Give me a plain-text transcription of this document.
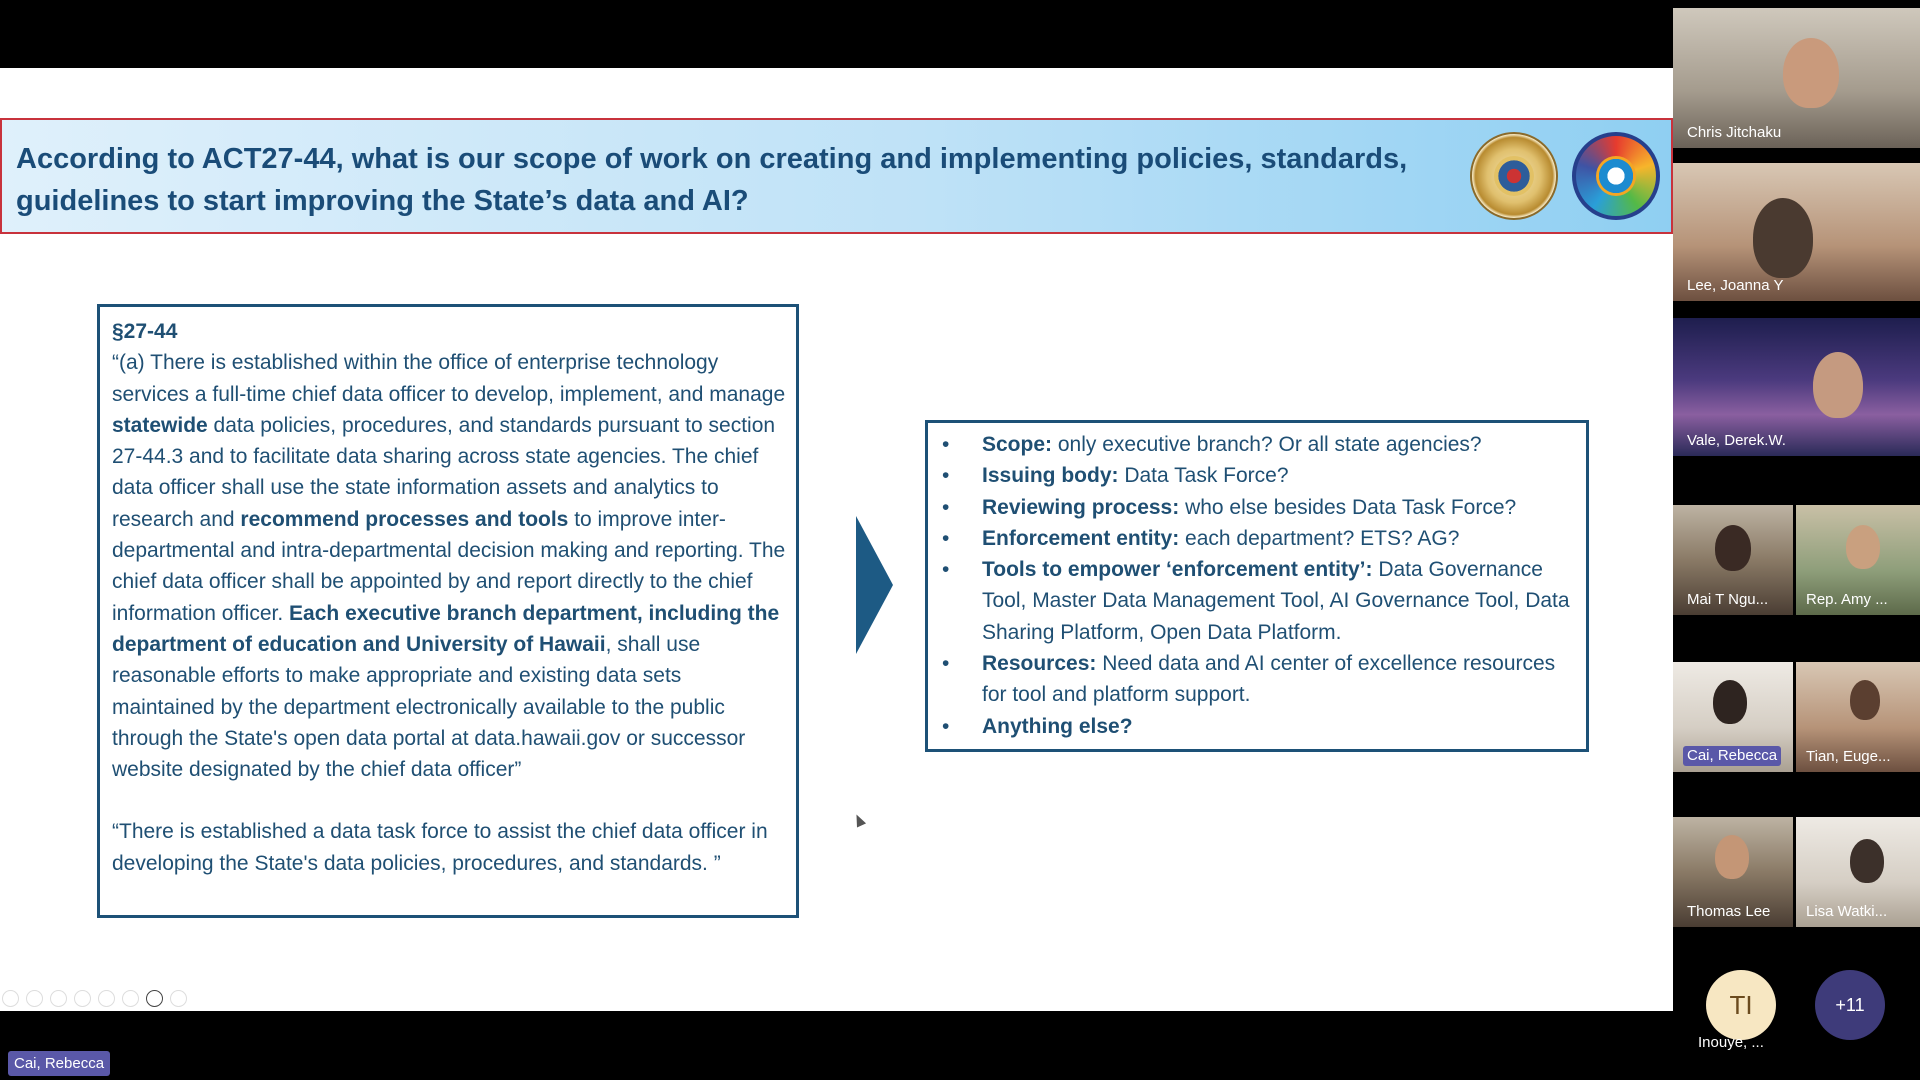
According to ACT27-44, what is our scope of work on creating and implementing policies, standards, guidelines to start improving the State’s data and AI?
§27-44

“(a) There is established within the office of enterprise technology services a full-time chief data officer to develop, implement, and manage statewide data policies, procedures, and standards pursuant to section 27-44.3 and to facilitate data sharing across state agencies. The chief data officer shall use the state information assets and analytics to research and recommend processes and tools to improve inter-departmental and intra-departmental decision making and reporting. The chief data officer shall be appointed by and report directly to the chief information officer. Each executive branch department, including the department of education and University of Hawaii, shall use reasonable efforts to make appropriate and existing data sets maintained by the department electronically available to the public through the State's open data portal at data.hawaii.gov or successor website designated by the chief data officer”

“There is established a data task force to assist the chief data officer in developing the State's data policies, procedures, and standards. ”

•	Scope: only executive branch? Or all state agencies?
•	Issuing body: Data Task Force?
•	Reviewing process: who else besides Data Task Force?
•	Enforcement entity: each department? ETS? AG?
•	Tools to empower ‘enforcement entity’: Data Governance Tool, Master Data Management Tool, AI Governance Tool, Data Sharing Platform, Open Data Platform.
•	Resources: Need data and AI center of excellence resources for tool and platform support.
•	Anything else?
Cai, Rebecca
Chris Jitchaku
Lee, Joanna Y
Vale, Derek.W.
Mai T Ngu...	Rep. Amy ...
Cai, Rebecca Tian, Euge...
Thomas Lee Lisa Watki...
TI
Inouye, ...
+11
